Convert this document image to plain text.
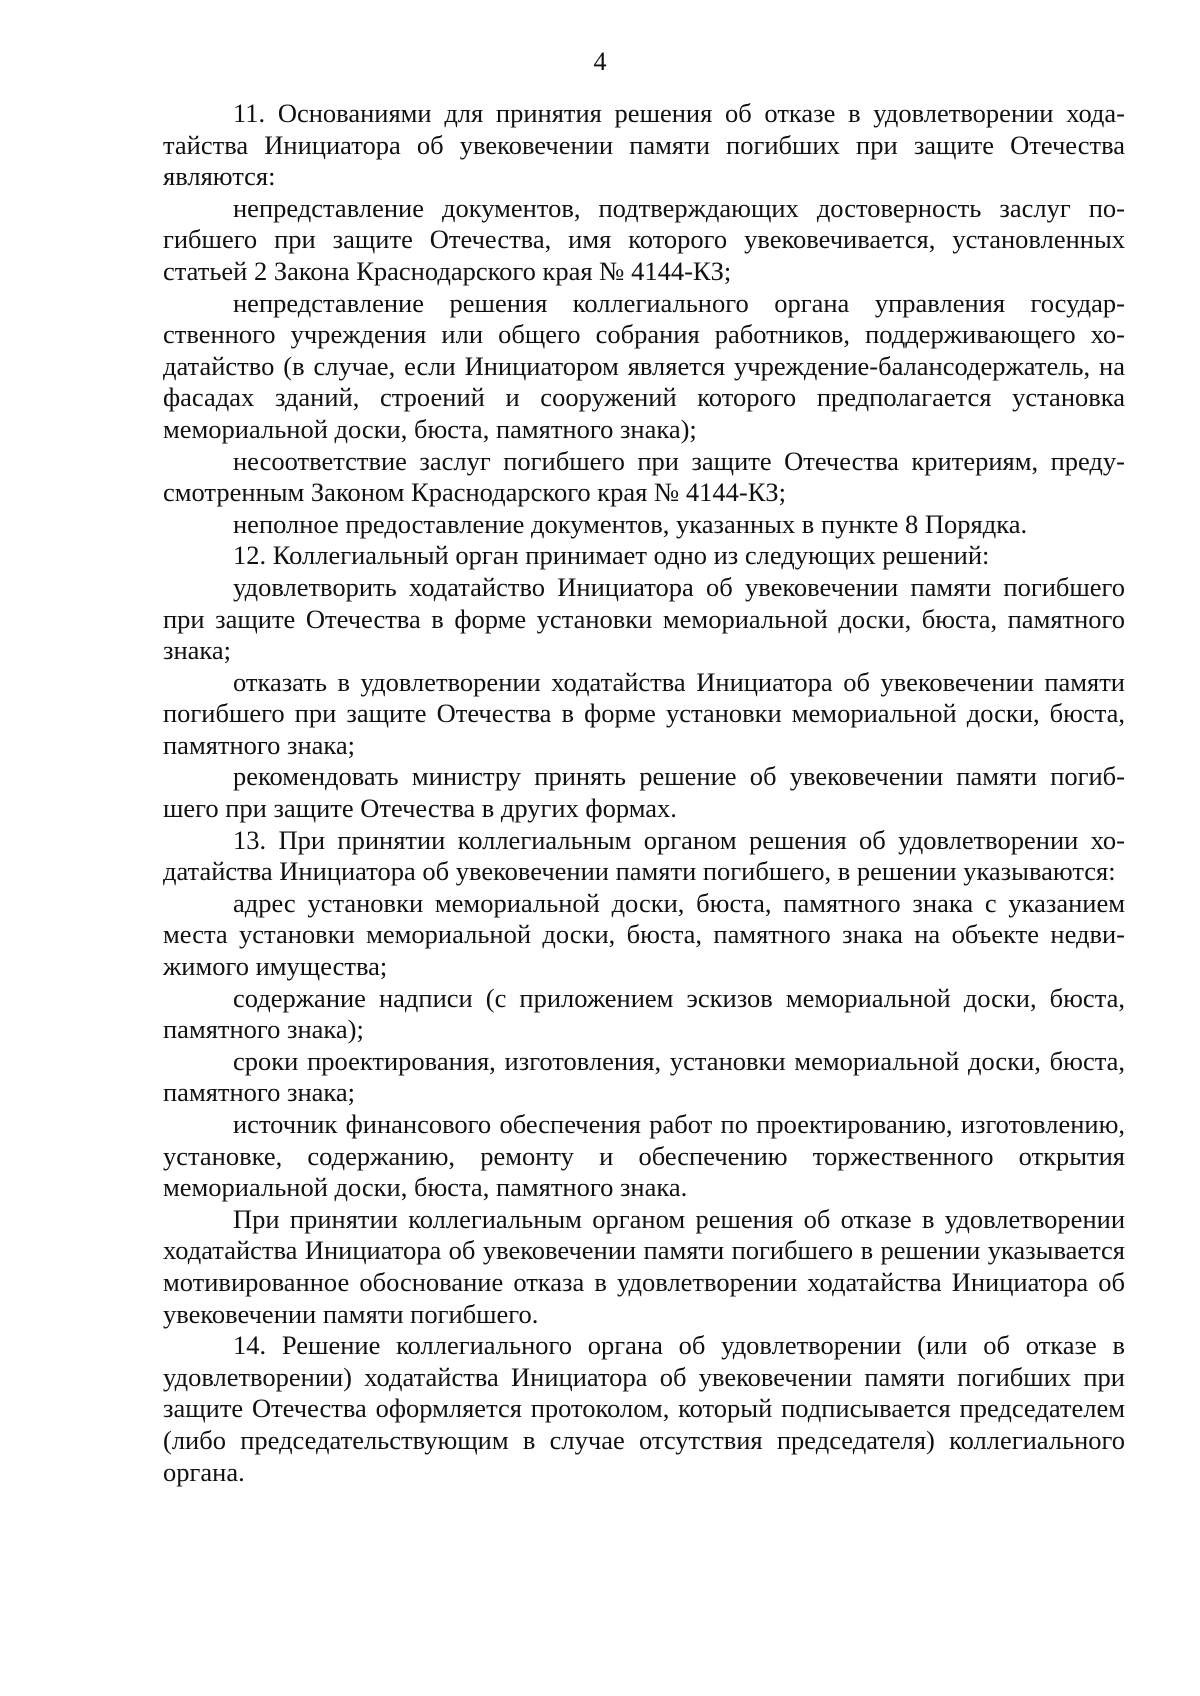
4

11. Основаниями для принятия решения об отказе в удовлетворении ходатайства Инициатора об увековечении памяти погибших при защите Отечества являются:

непредставление документов, подтверждающих достоверность заслуг погибшего при защите Отечества, имя которого увековечивается, установленных статьей 2 Закона Краснодарского края № 4144-КЗ;

непредставление решения коллегиального органа управления государственного учреждения или общего собрания работников, поддерживающего ходатайство (в случае, если Инициатором является учреждение-балансодержатель, на фасадах зданий, строений и сооружений которого предполагается установка мемориальной доски, бюста, памятного знака);

несоответствие заслуг погибшего при защите Отечества критериям, предусмотренным Законом Краснодарского края № 4144-КЗ;

неполное предоставление документов, указанных в пункте 8 Порядка.

12. Коллегиальный орган принимает одно из следующих решений:

удовлетворить ходатайство Инициатора об увековечении памяти погибшего при защите Отечества в форме установки мемориальной доски, бюста, памятного знака;

отказать в удовлетворении ходатайства Инициатора об увековечении памяти погибшего при защите Отечества в форме установки мемориальной доски, бюста, памятного знака;

рекомендовать министру принять решение об увековечении памяти погибшего при защите Отечества в других формах.

13. При принятии коллегиальным органом решения об удовлетворении ходатайства Инициатора об увековечении памяти погибшего, в решении указываются:

адрес установки мемориальной доски, бюста, памятного знака с указанием места установки мемориальной доски, бюста, памятного знака на объекте недвижимого имущества;

содержание надписи (с приложением эскизов мемориальной доски, бюста, памятного знака);

сроки проектирования, изготовления, установки мемориальной доски, бюста, памятного знака;

источник финансового обеспечения работ по проектированию, изготовлению, установке, содержанию, ремонту и обеспечению торжественного открытия мемориальной доски, бюста, памятного знака.

При принятии коллегиальным органом решения об отказе в удовлетворении ходатайства Инициатора об увековечении памяти погибшего в решении указывается мотивированное обоснование отказа в удовлетворении ходатайства Инициатора об увековечении памяти погибшего.

14. Решение коллегиального органа об удовлетворении (или об отказе в удовлетворении) ходатайства Инициатора об увековечении памяти погибших при защите Отечества оформляется протоколом, который подписывается председателем (либо председательствующим в случае отсутствия председателя) коллегиального органа.
